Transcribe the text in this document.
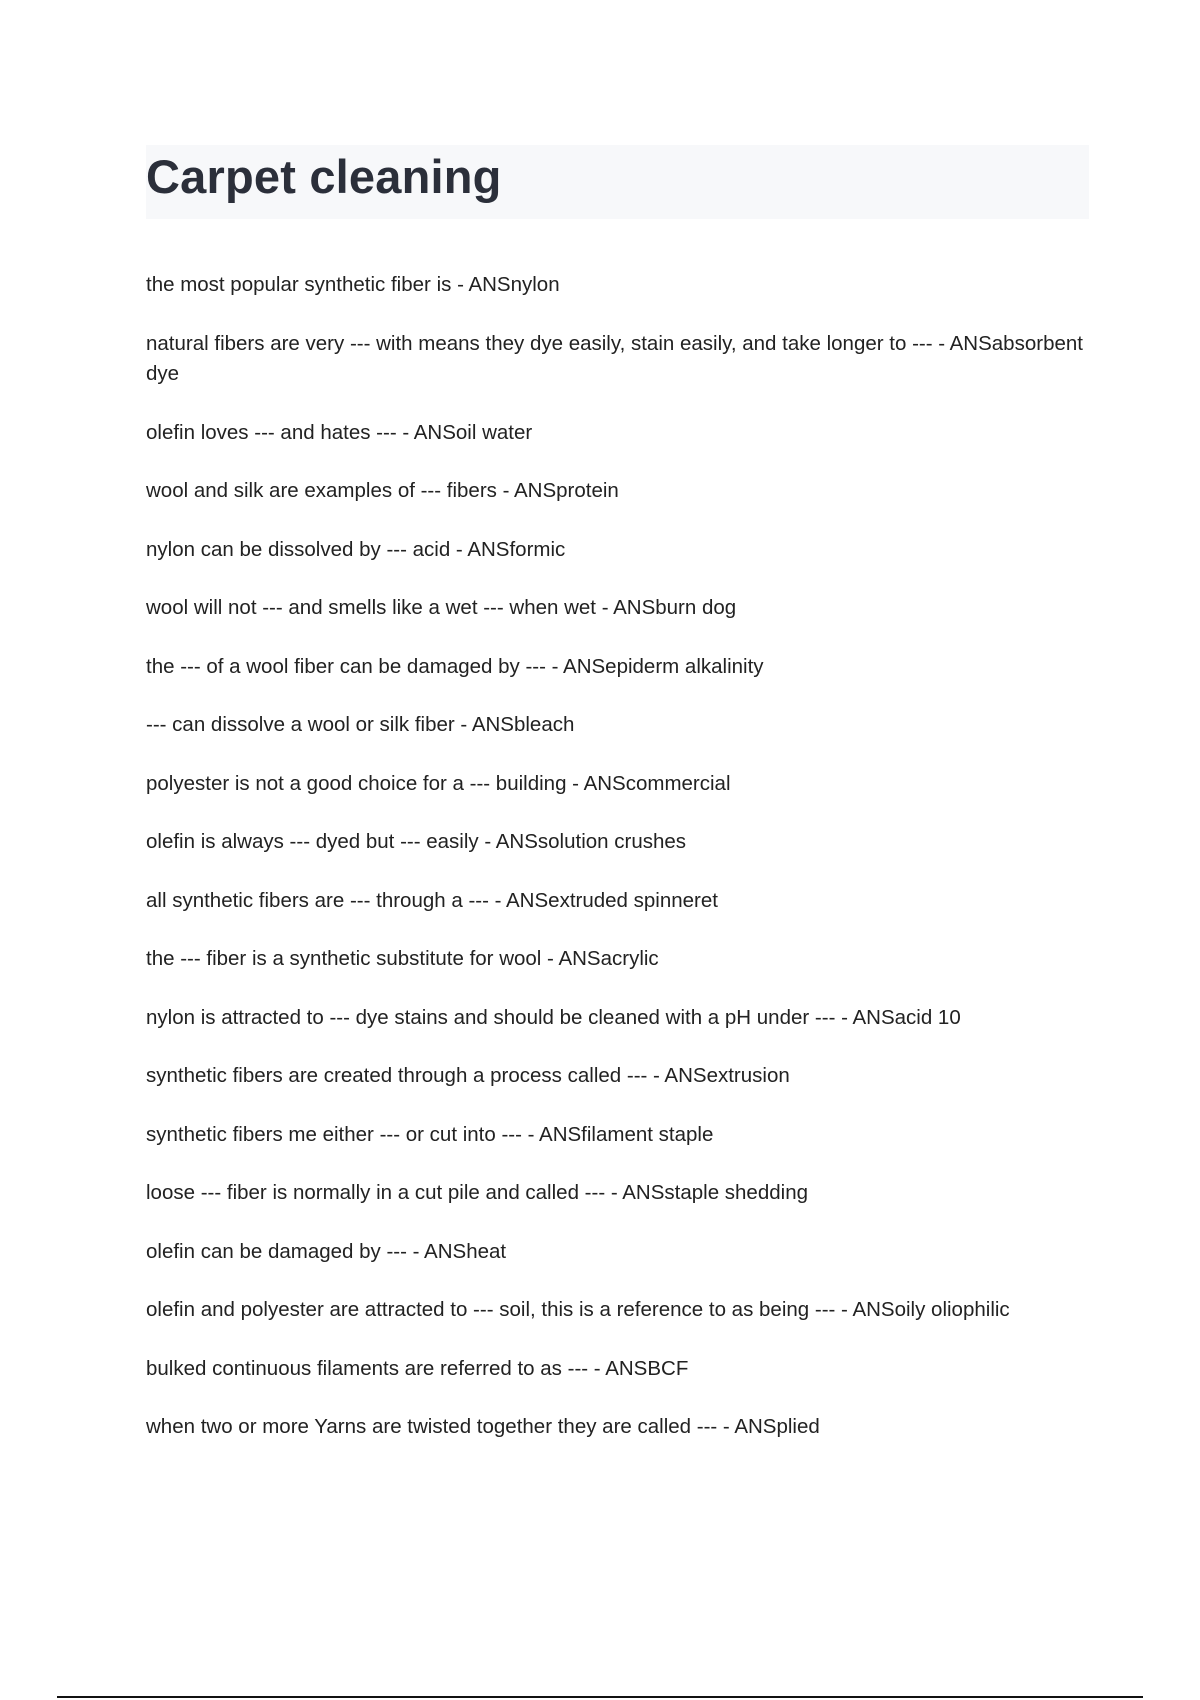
Carpet cleaning
the most popular synthetic fiber is - ANSnylon
natural fibers are very --- with means they dye easily, stain easily, and take longer to --- - ANSabsorbent dye
olefin loves --- and hates --- - ANSoil water
wool and silk are examples of --- fibers - ANSprotein
nylon can be dissolved by --- acid - ANSformic
wool will not --- and smells like a wet --- when wet - ANSburn dog
the --- of a wool fiber can be damaged by --- - ANSepiderm alkalinity
--- can dissolve a wool or silk fiber - ANSbleach
polyester is not a good choice for a --- building - ANScommercial
olefin is always --- dyed but --- easily - ANSsolution crushes
all synthetic fibers are --- through a --- - ANSextruded spinneret
the --- fiber is a synthetic substitute for wool - ANSacrylic
nylon is attracted to --- dye stains and should be cleaned with a pH under --- - ANSacid 10
synthetic fibers are created through a process called --- - ANSextrusion
synthetic fibers me either --- or cut into --- - ANSfilament staple
loose --- fiber is normally in a cut pile and called --- - ANSstaple shedding
olefin can be damaged by --- - ANSheat
olefin and polyester are attracted to --- soil, this is a reference to as being --- - ANSoily oliophilic
bulked continuous filaments are referred to as --- - ANSBCF
when two or more Yarns are twisted together they are called --- - ANSplied
